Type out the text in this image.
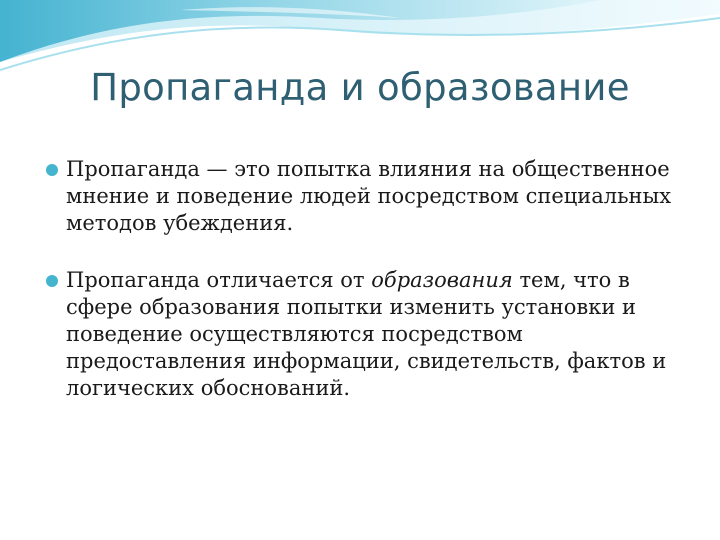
Пропаганда и образование
Пропаганда — это попытка влияния на общественное мнение и поведение людей посредством специальных методов убеждения.
Пропаганда отличается от образования тем, что в сфере образования попытки изменить установки и поведение осуществляются посредством предоставления информации, свидетельств, фактов и логических обоснований.
